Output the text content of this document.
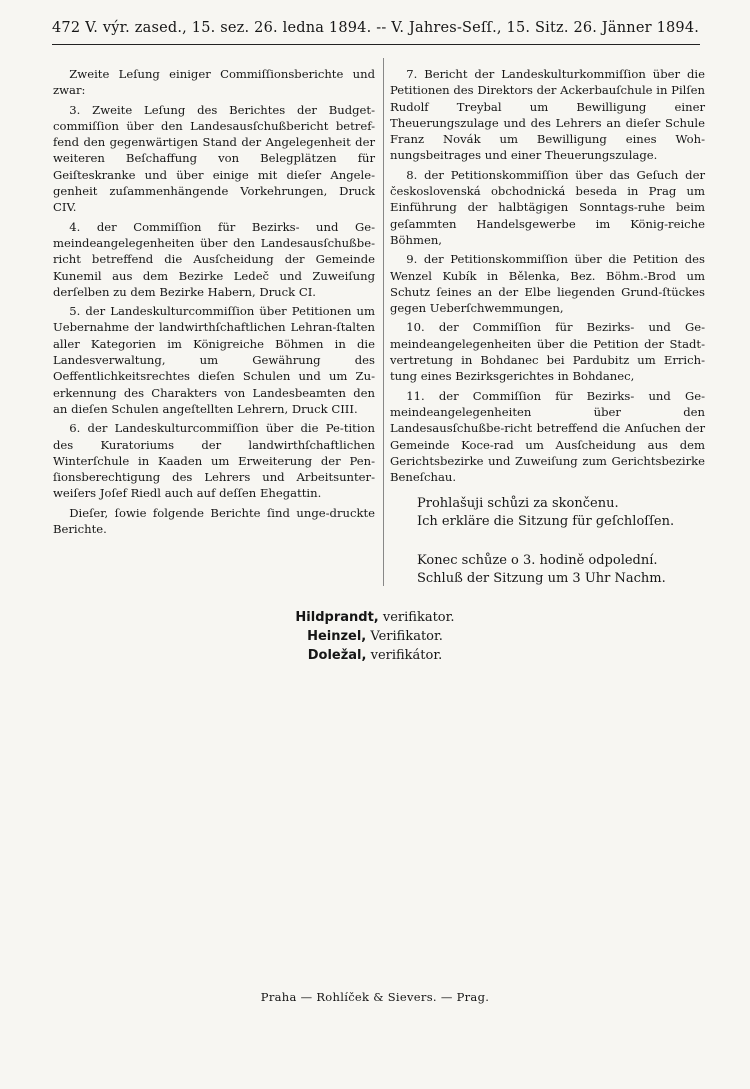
472 V. výr. zased., 15. sez. 26. ledna 1894. -- V. Jahres-Seſſ., 15. Sitz. 26. Jänner 1894.

Zweite Leſung einiger Commiſſionsberichte und zwar:

3. Zweite Leſung des Berichtes der Budget-commiſſion über den Landesausſchußbericht betref-fend den gegenwärtigen Stand der Angelegenheit der weiteren Beſchaffung von Belegplätzen für Geiſteskranke und über einige mit dieſer Angele-genheit zuſammenhängende Vorkehrungen, Druck CIV.

4. der Commiſſion für Bezirks- und Ge-meindeangelegenheiten über den Landesausſchußbe-richt betreffend die Ausſcheidung der Gemeinde Kunemil aus dem Bezirke Ledeč und Zuweiſung derſelben zu dem Bezirke Habern, Druck CI.

5. der Landeskulturcommiſſion über Petitionen um Uebernahme der landwirthſchaftlichen Lehran-ſtalten aller Kategorien im Königreiche Böhmen in die Landesverwaltung, um Gewährung des Oeffentlichkeitsrechtes dieſen Schulen und um Zu-erkennung des Charakters von Landesbeamten den an dieſen Schulen angeſtellten Lehrern, Druck CIII.

6. der Landeskulturcommiſſion über die Pe-tition des Kuratoriums der landwirthſchaftlichen Winterſchule in Kaaden um Erweiterung der Pen-ſionsberechtigung des Lehrers und Arbeitsunter-weiſers Joſef Riedl auch auf deſſen Ehegattin.

Dieſer, ſowie folgende Berichte ſind unge-druckte Berichte.

7. Bericht der Landeskulturkommiſſion über die Petitionen des Direktors der Ackerbauſchule in Pilſen Rudolf Treybal um Bewilligung einer Theuerungszulage und des Lehrers an dieſer Schule Franz Novák um Bewilligung eines Woh-nungsbeitrages und einer Theuerungszulage.

8. der Petitionskommiſſion über das Geſuch der československá obchodnická beseda in Prag um Einführung der halbtägigen Sonntags-ruhe beim geſammten Handelsgewerbe im König-reiche Böhmen,

9. der Petitionskommiſſion über die Petition des Wenzel Kubík in Bělenka, Bez. Böhm.-Brod um Schutz ſeines an der Elbe liegenden Grund-ſtückes gegen Ueberſchwemmungen,

10. der Commiſſion für Bezirks- und Ge-meindeangelegenheiten über die Petition der Stadt-vertretung in Bohdanec bei Pardubitz um Errich-tung eines Bezirksgerichtes in Bohdanec,

11. der Commiſſion für Bezirks- und Ge-meindeangelegenheiten über den Landesausſchußbe-richt betreffend die Anſuchen der Gemeinde Koce-rad um Ausſcheidung aus dem Gerichtsbezirke und Zuweiſung zum Gerichtsbezirke Beneſchau.

Prohlašuji schůzi za skončenu.
Ich erkläre die Sitzung für geſchloſſen.
Konec schůze o 3. hodině odpolední.
Schluß der Sitzung um 3 Uhr Nachm.
Hildprandt, verifikator.
Heinzel, Verifikator.
Doležal, verifikátor.
Praha — Rohlíček & Sievers. — Prag.
